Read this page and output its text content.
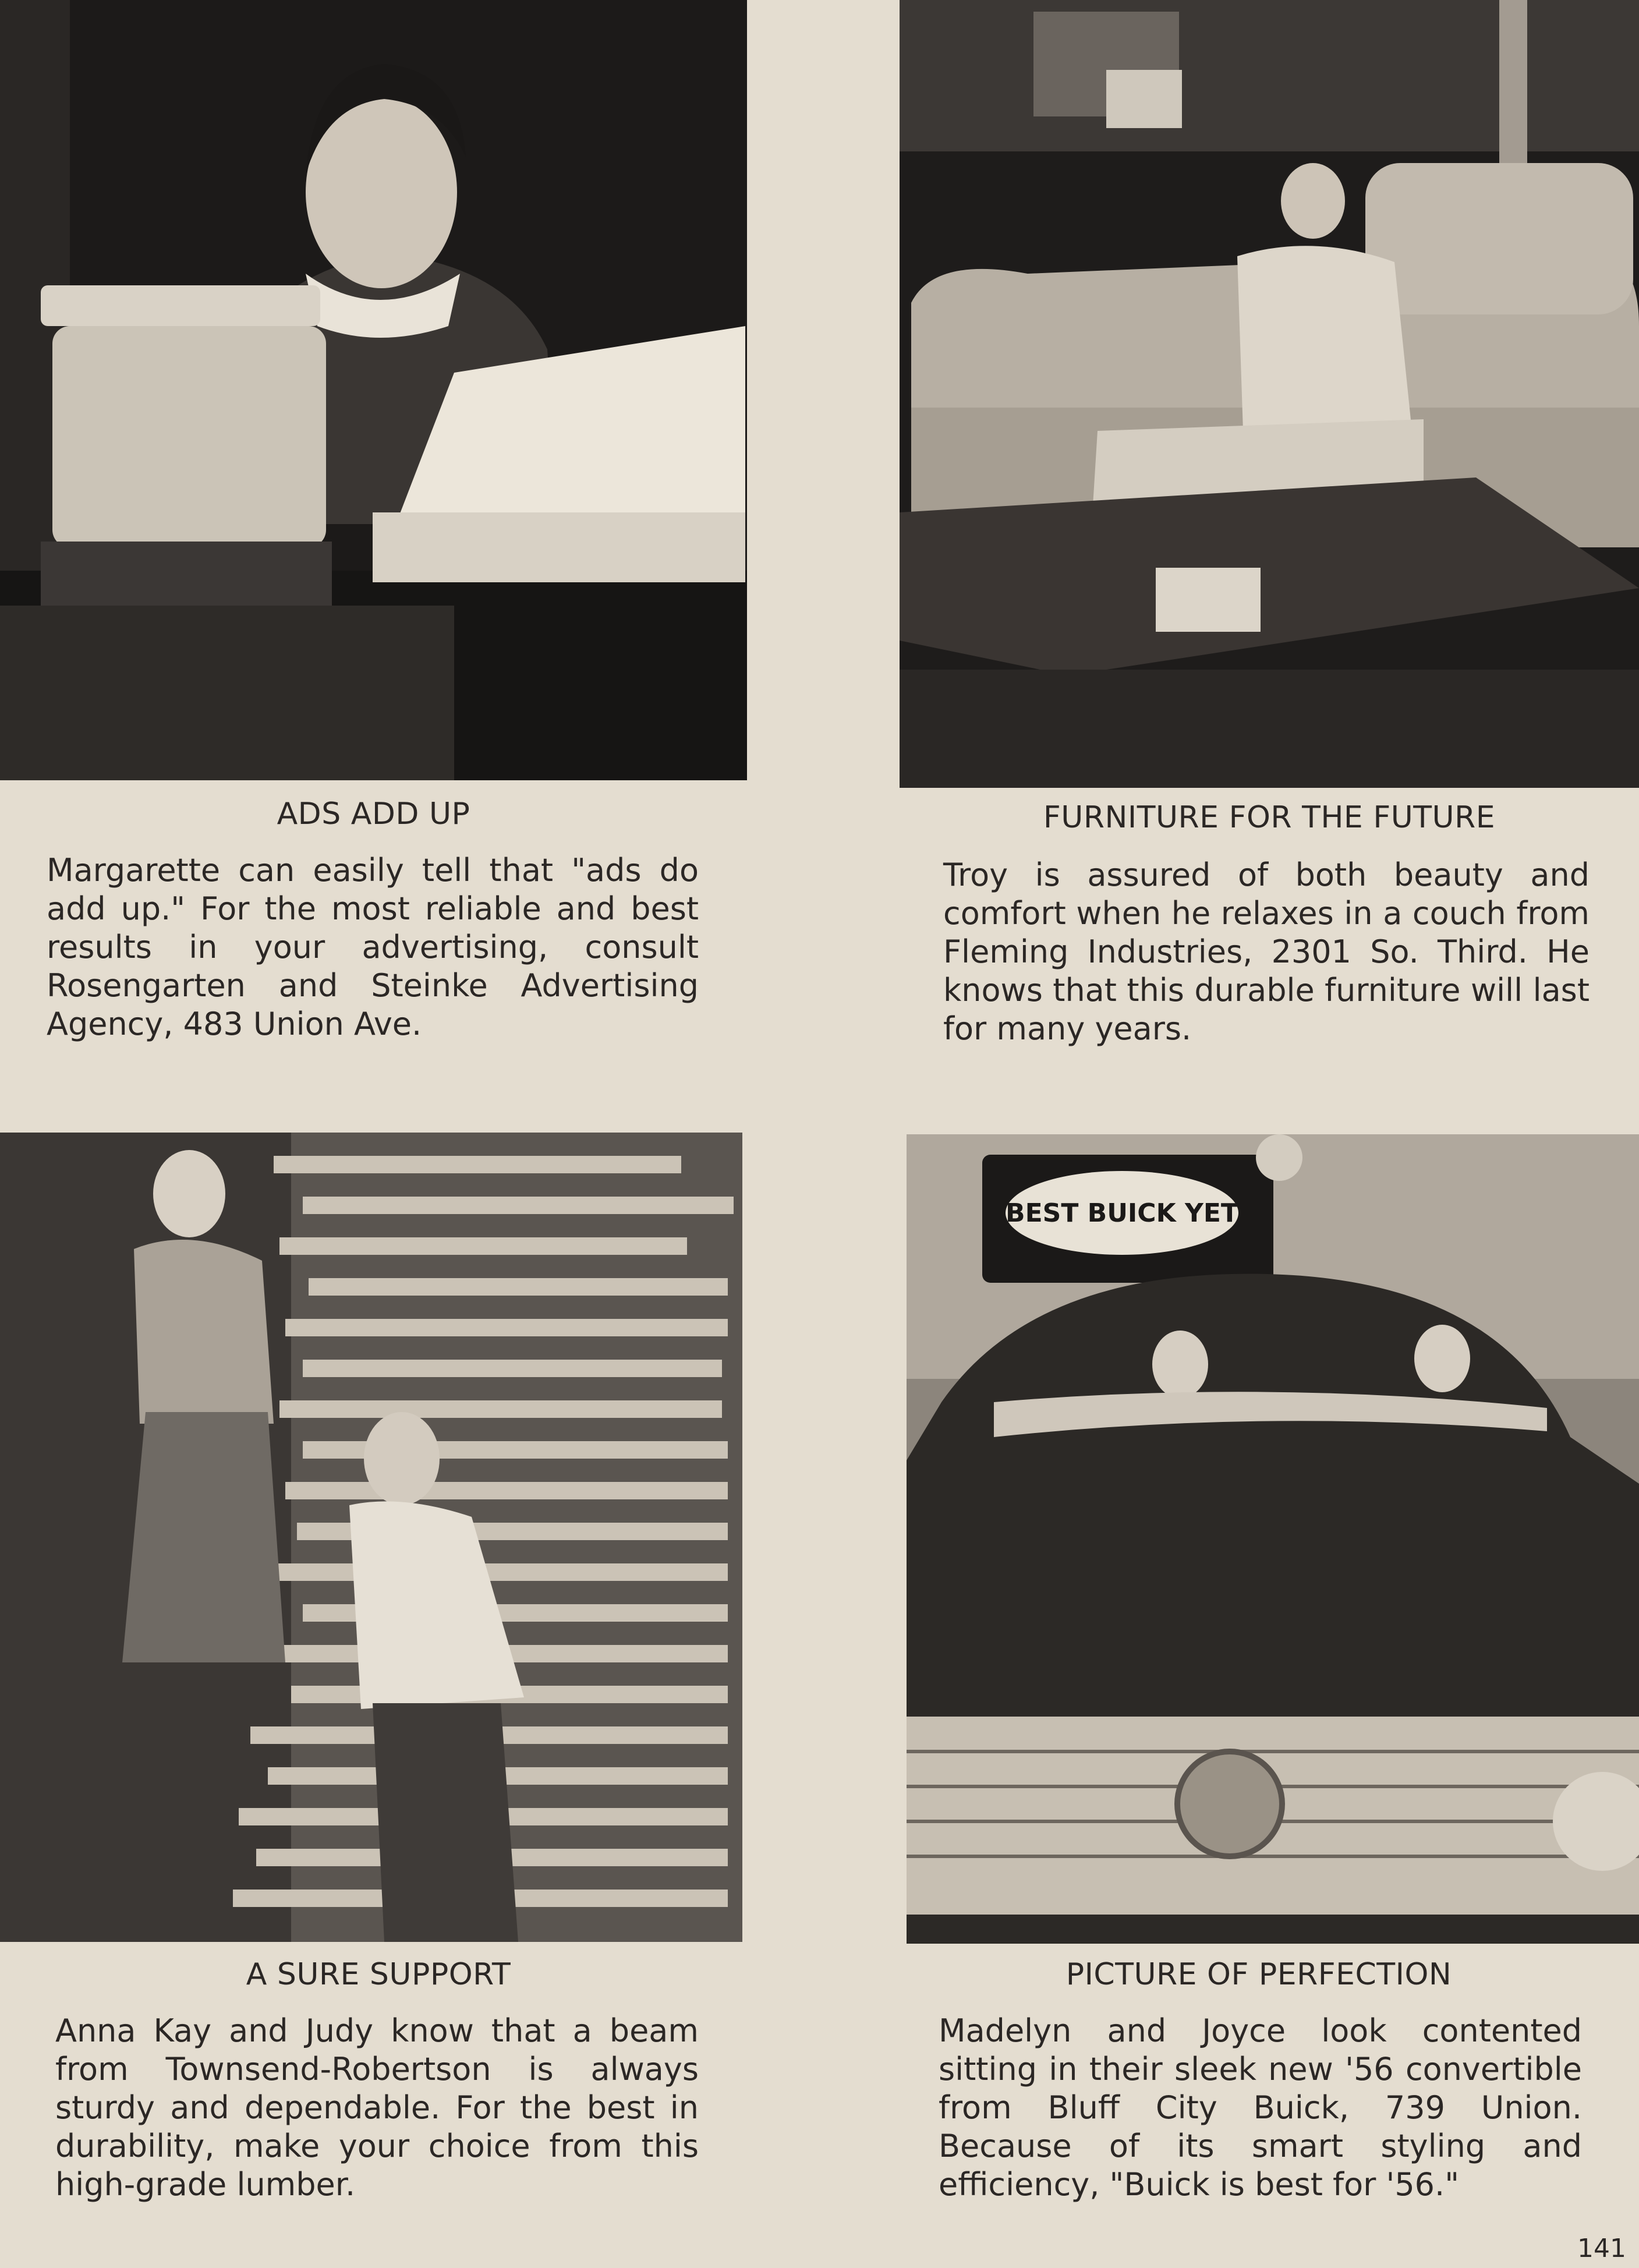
ADS ADD UP

Margarette can easily tell that "ads do add up." For the most reliable and best results in your advertising, consult Rosengarten and Steinke Advertising Agency, 483 Union Ave.

FURNITURE FOR THE FUTURE

Troy is assured of both beauty and comfort when he relaxes in a couch from Fleming Industries, 2301 So. Third. He knows that this durable furniture will last for many years.

A SURE SUPPORT

Anna Kay and Judy know that a beam from Townsend-Robertson is always sturdy and dependable. For the best in durability, make your choice from this high-grade lumber.

BEST BUICK YET
PICTURE OF PERFECTION

Madelyn and Joyce look contented sitting in their sleek new '56 convertible from Bluff City Buick, 739 Union. Because of its smart styling and efficiency, "Buick is best for '56."

141
